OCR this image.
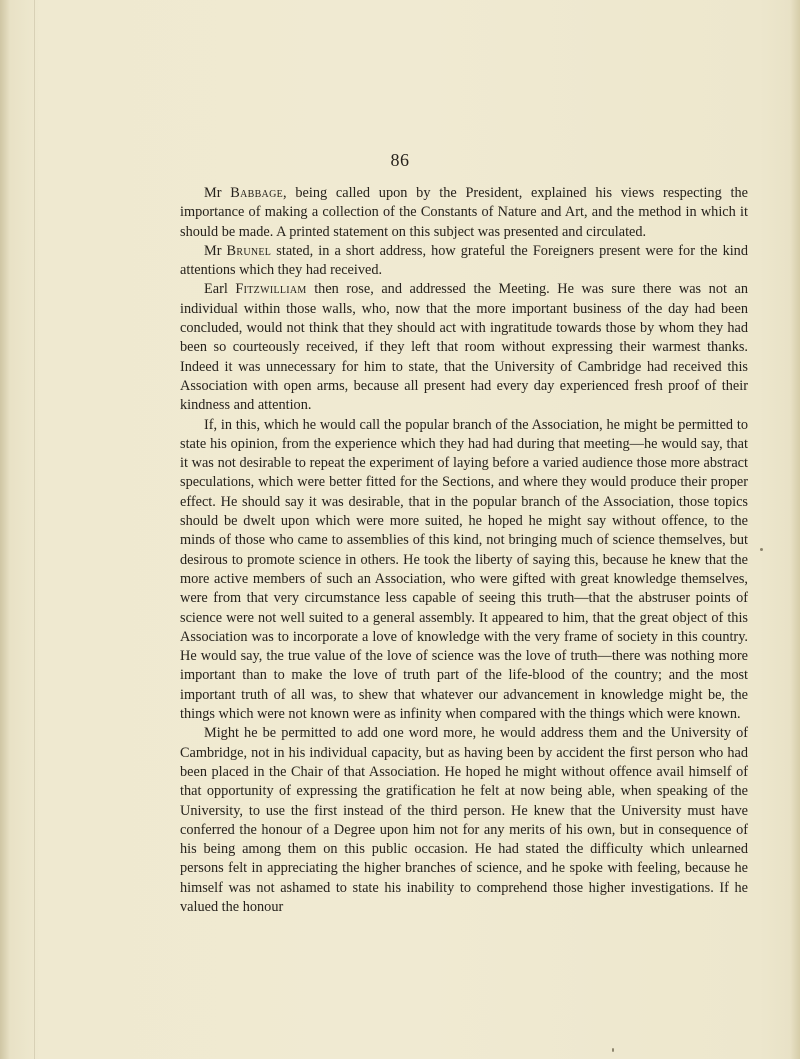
86

Mr Babbage, being called upon by the President, explained his views respecting the importance of making a collection of the Constants of Nature and Art, and the method in which it should be made. A printed statement on this subject was presented and circulated.

Mr Brunel stated, in a short address, how grateful the Foreigners present were for the kind attentions which they had received.

Earl Fitzwilliam then rose, and addressed the Meeting. He was sure there was not an individual within those walls, who, now that the more important business of the day had been concluded, would not think that they should act with ingratitude towards those by whom they had been so courteously received, if they left that room without expressing their warmest thanks. Indeed it was unnecessary for him to state, that the University of Cambridge had received this Association with open arms, because all present had every day experienced fresh proof of their kindness and attention.

If, in this, which he would call the popular branch of the Association, he might be permitted to state his opinion, from the experience which they had had during that meeting—he would say, that it was not desirable to repeat the experiment of laying before a varied audience those more abstract speculations, which were better fitted for the Sections, and where they would produce their proper effect. He should say it was desirable, that in the popular branch of the Association, those topics should be dwelt upon which were more suited, he hoped he might say without offence, to the minds of those who came to assemblies of this kind, not bringing much of science themselves, but desirous to promote science in others. He took the liberty of saying this, because he knew that the more active members of such an Association, who were gifted with great knowledge themselves, were from that very circumstance less capable of seeing this truth—that the abstruser points of science were not well suited to a general assembly. It appeared to him, that the great object of this Association was to incorporate a love of knowledge with the very frame of society in this country. He would say, the true value of the love of science was the love of truth—there was nothing more important than to make the love of truth part of the life-blood of the country; and the most important truth of all was, to shew that whatever our advancement in knowledge might be, the things which were not known were as infinity when compared with the things which were known.

Might he be permitted to add one word more, he would address them and the University of Cambridge, not in his individual capacity, but as having been by accident the first person who had been placed in the Chair of that Association. He hoped he might without offence avail himself of that opportunity of expressing the gratification he felt at now being able, when speaking of the University, to use the first instead of the third person. He knew that the University must have conferred the honour of a Degree upon him not for any merits of his own, but in consequence of his being among them on this public occasion. He had stated the difficulty which unlearned persons felt in appreciating the higher branches of science, and he spoke with feeling, because he himself was not ashamed to state his inability to comprehend those higher investigations. If he valued the honour
